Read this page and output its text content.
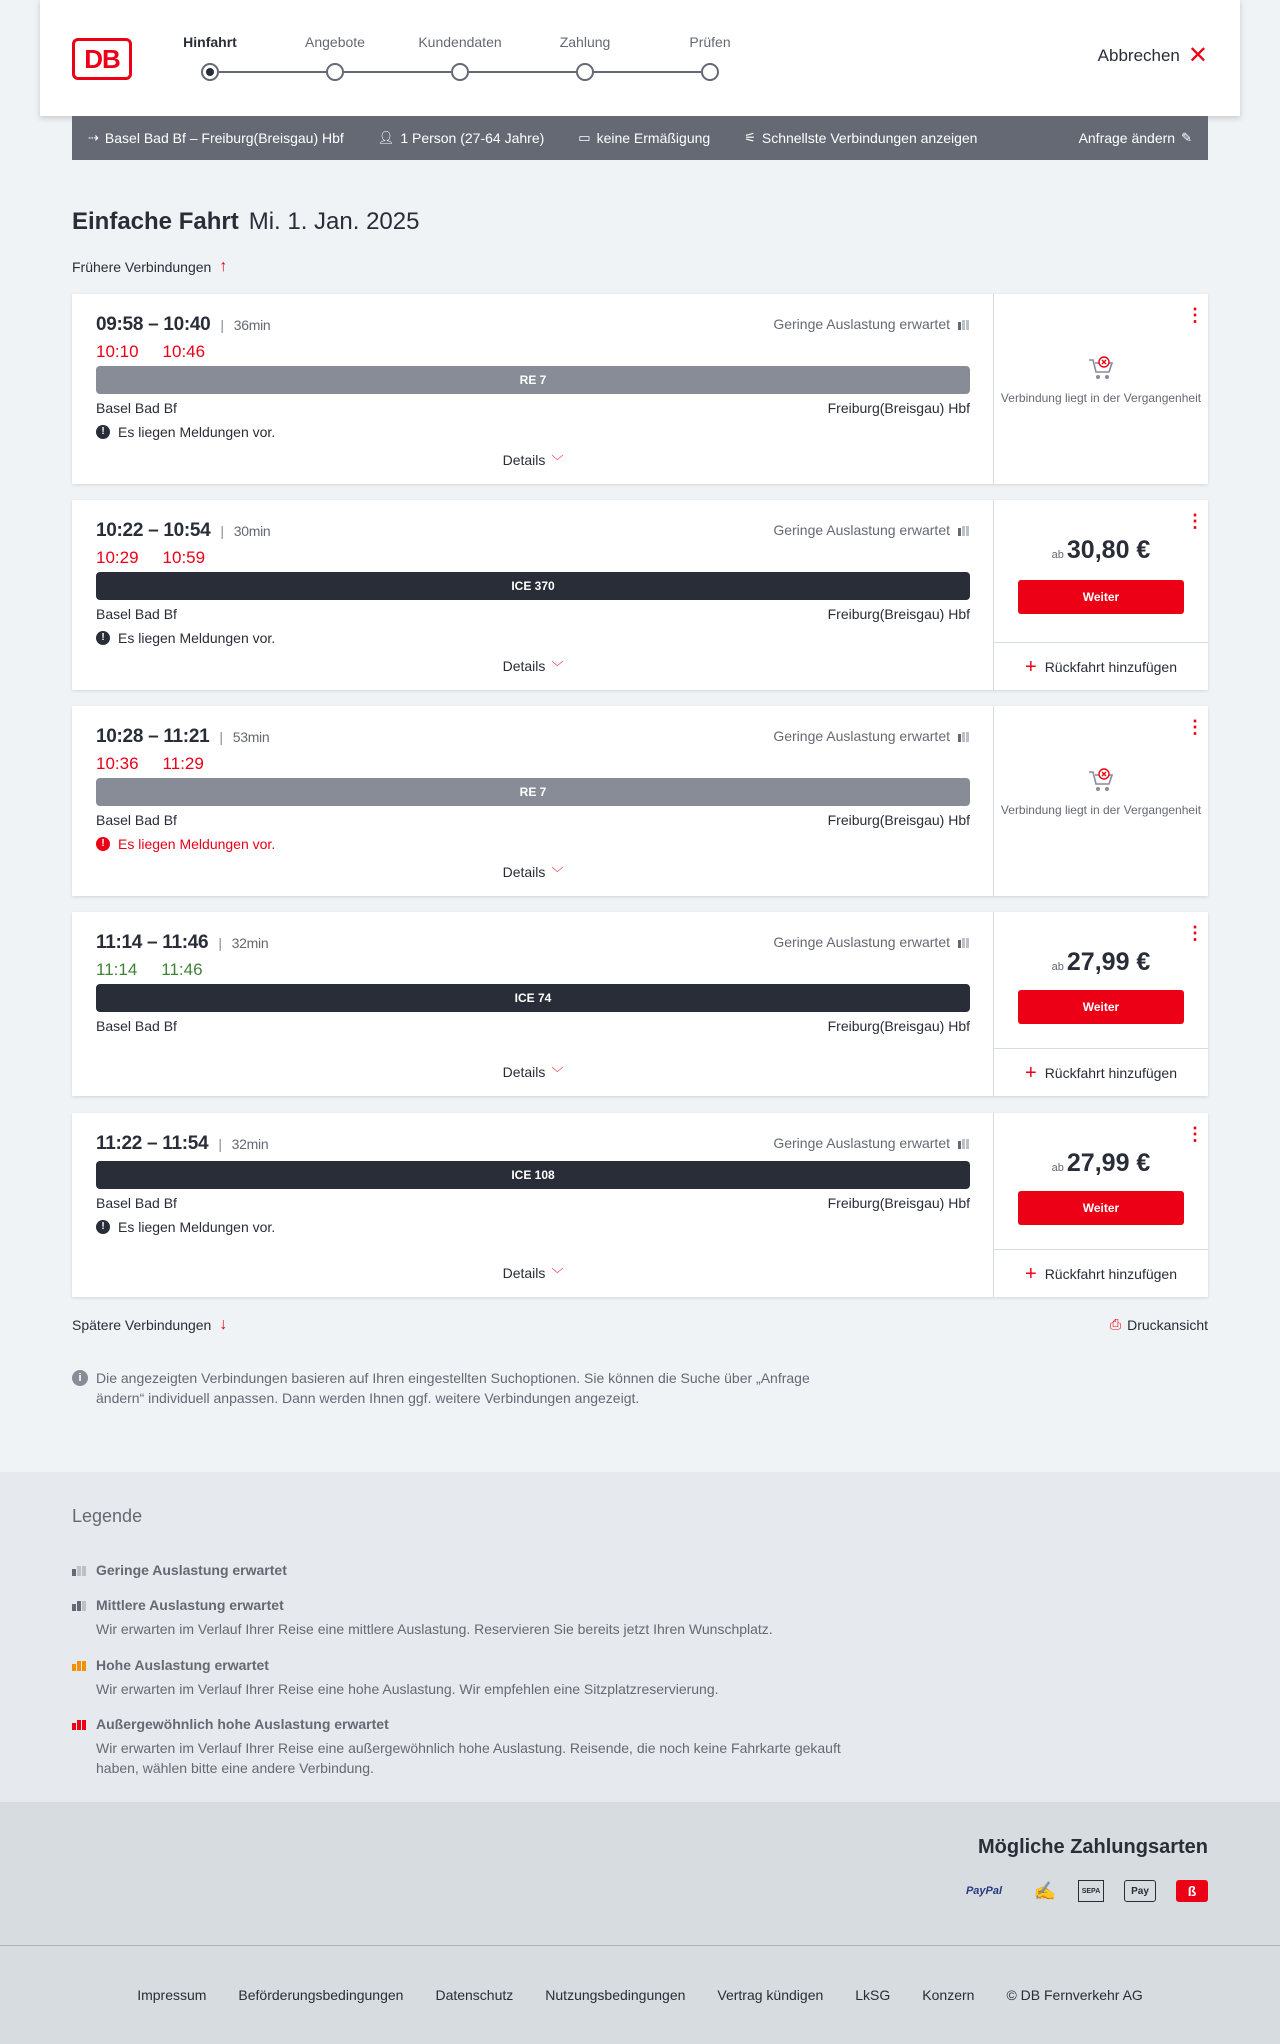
DB
Hinfahrt	Angebote	Kundendaten	Zahlung	Prüfen
Abbrechen ✕
⇢ Basel Bad Bf – Freiburg(Breisgau) Hbf	👤︎ 1 Person (27-64 Jahre)	▭ keine Ermäßigung	⚟ Schnellste Verbindungen anzeigen	Anfrage ändern ✎
Einfache Fahrt Mi. 1. Jan. 2025
Frühere Verbindungen ↑
09:58 – 10:40 | 36min
10:10 10:46
Geringe Auslastung erwartet
RE 7
Basel Bad Bf	Freiburg(Breisgau) Hbf
! Es liegen Meldungen vor.
Details ﹀
⋮
Verbindung liegt in der Vergangenheit
10:22 – 10:54 | 30min
10:29 10:59
Geringe Auslastung erwartet
ICE 370
Basel Bad Bf	Freiburg(Breisgau) Hbf
! Es liegen Meldungen vor.
Details ﹀
⋮
ab 30,80 €
Weiter
+ Rückfahrt hinzufügen
10:28 – 11:21 | 53min
10:36 11:29
Geringe Auslastung erwartet
RE 7
Basel Bad Bf	Freiburg(Breisgau) Hbf
! Es liegen Meldungen vor.
Details ﹀
⋮
Verbindung liegt in der Vergangenheit
11:14 – 11:46 | 32min
11:14 11:46
Geringe Auslastung erwartet
ICE 74
Basel Bad Bf	Freiburg(Breisgau) Hbf
Details ﹀
⋮
ab 27,99 €
Weiter
+ Rückfahrt hinzufügen
11:22 – 11:54 | 32min	Geringe Auslastung erwartet
ICE 108
Basel Bad Bf	Freiburg(Breisgau) Hbf
! Es liegen Meldungen vor.
Details ﹀
⋮
ab 27,99 €
Weiter
+ Rückfahrt hinzufügen
Spätere Verbindungen ↓	⎙ Druckansicht
i	Die angezeigten Verbindungen basieren auf Ihren eingestellten Suchoptionen. Sie können die Suche über „Anfrage ändern“ individuell anpassen. Dann werden Ihnen ggf. weitere Verbindungen angezeigt.
Legende
Geringe Auslastung erwartet
Mittlere Auslastung erwartet
Wir erwarten im Verlauf Ihrer Reise eine mittlere Auslastung. Reservieren Sie bereits jetzt Ihren Wunschplatz.
Hohe Auslastung erwartet
Wir erwarten im Verlauf Ihrer Reise eine hohe Auslastung. Wir empfehlen eine Sitzplatzreservierung.
Außergewöhnlich hohe Auslastung erwartet
Wir erwarten im Verlauf Ihrer Reise eine außergewöhnlich hohe Auslastung. Reisende, die noch keine Fahrkarte gekauft haben, wählen bitte eine andere Verbindung.
Mögliche Zahlungsarten
PayPal	✍	SEPA	Pay	ß
Impressum Beförderungsbedingungen Datenschutz Nutzungsbedingungen Vertrag kündigen LkSG Konzern © DB Fernverkehr AG
